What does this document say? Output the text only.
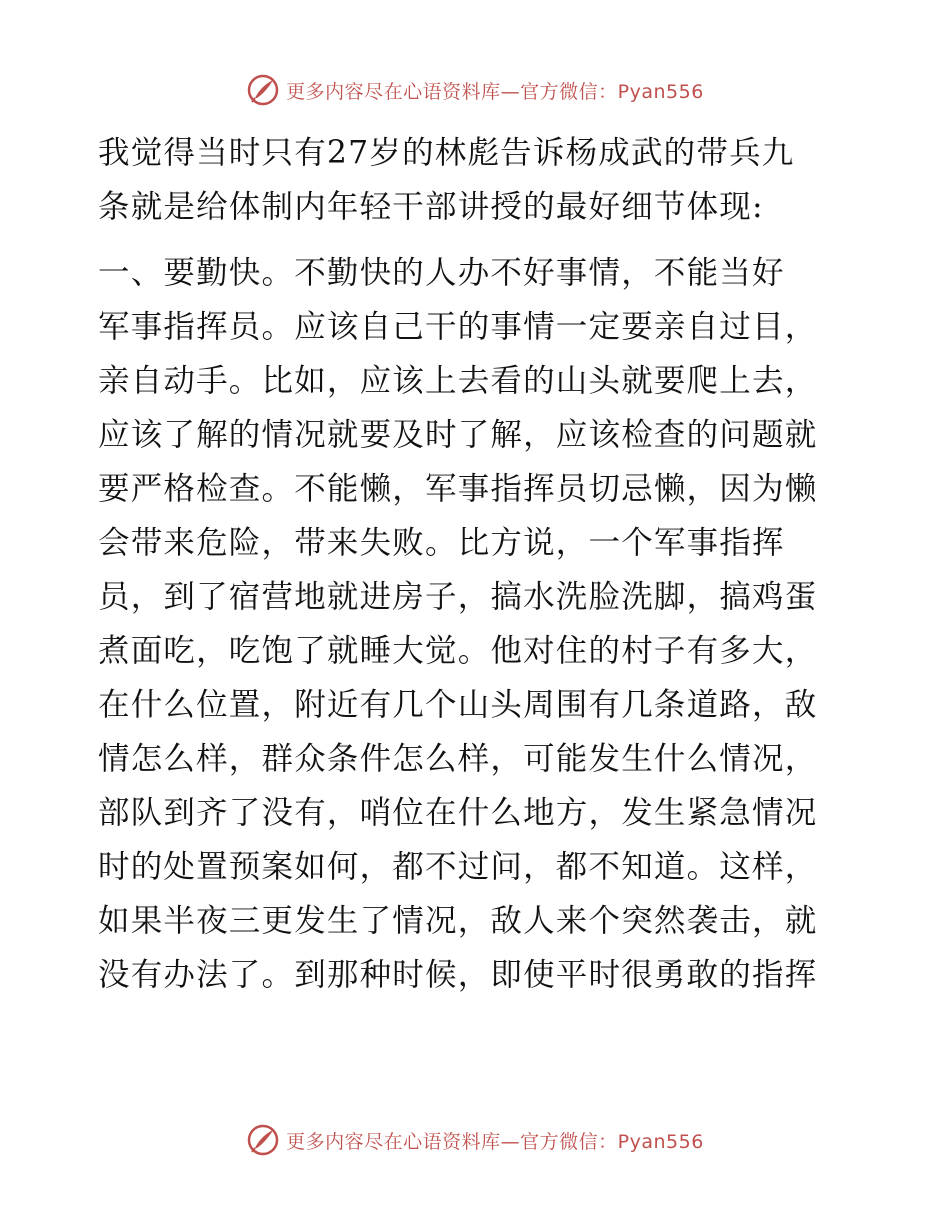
更多内容尽在心语资料库—官方微信：Pyan556
我觉得当时只有27岁的林彪告诉杨成武的带兵九
条就是给体制内年轻干部讲授的最好细节体现:
一、要勤快。不勤快的人办不好事情，不能当好
军事指挥员。应该自己干的事情一定要亲自过目，
亲自动手。比如，应该上去看的山头就要爬上去，
应该了解的情况就要及时了解，应该检查的问题就
要严格检查。不能懒，军事指挥员切忌懒，因为懒
会带来危险，带来失败。比方说，一个军事指挥
员，到了宿营地就进房子，搞水洗脸洗脚，搞鸡蛋
煮面吃，吃饱了就睡大觉。他对住的村子有多大，
在什么位置，附近有几个山头周围有几条道路，敌
情怎么样，群众条件怎么样，可能发生什么情况，
部队到齐了没有，哨位在什么地方，发生紧急情况
时的处置预案如何，都不过问，都不知道。这样，
如果半夜三更发生了情况，敌人来个突然袭击，就
没有办法了。到那种时候，即使平时很勇敢的指挥
更多内容尽在心语资料库—官方微信：Pyan556
